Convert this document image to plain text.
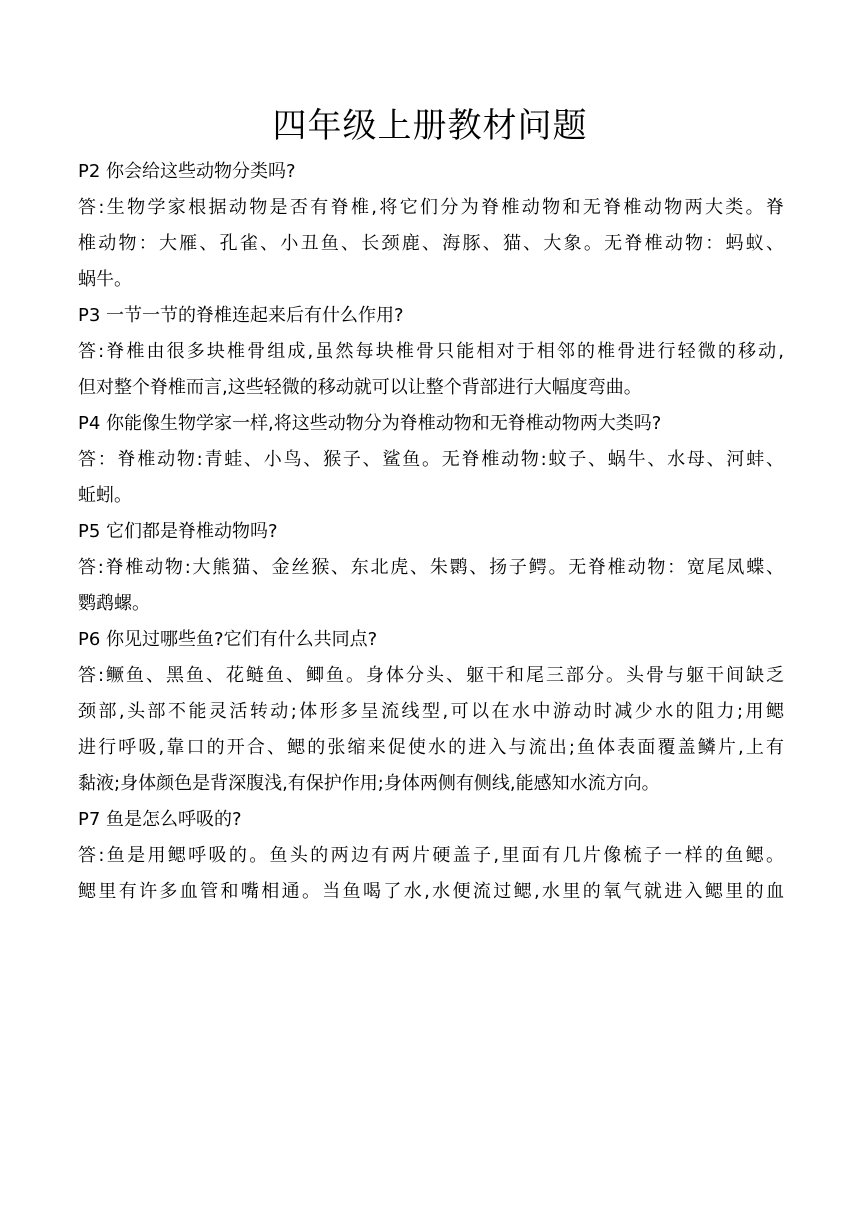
四年级上册教材问题

P2 你会给这些动物分类吗?

答:生物学家根据动物是否有脊椎,将它们分为脊椎动物和无脊椎动物两大类。脊
椎动物：大雁、孔雀、小丑鱼、长颈鹿、海豚、猫、大象。无脊椎动物：蚂蚁、
蜗牛。

P3 一节一节的脊椎连起来后有什么作用?

答:脊椎由很多块椎骨组成,虽然每块椎骨只能相对于相邻的椎骨进行轻微的移动,
但对整个脊椎而言,这些轻微的移动就可以让整个背部进行大幅度弯曲。

P4 你能像生物学家一样,将这些动物分为脊椎动物和无脊椎动物两大类吗?

答：脊椎动物:青蛙、小鸟、猴子、鲨鱼。无脊椎动物:蚊子、蜗牛、水母、河蚌、
蚯蚓。

P5 它们都是脊椎动物吗?

答:脊椎动物:大熊猫、金丝猴、东北虎、朱鹮、扬子鳄。无脊椎动物：宽尾凤蝶、
鹦鹉螺。

P6 你见过哪些鱼?它们有什么共同点?

答:鳜鱼、黑鱼、花鲢鱼、鲫鱼。身体分头、躯干和尾三部分。头骨与躯干间缺乏
颈部,头部不能灵活转动;体形多呈流线型,可以在水中游动时减少水的阻力;用鳃
进行呼吸,靠口的开合、鳃的张缩来促使水的进入与流出;鱼体表面覆盖鳞片,上有
黏液;身体颜色是背深腹浅,有保护作用;身体两侧有侧线,能感知水流方向。

P7 鱼是怎么呼吸的?

答:鱼是用鳃呼吸的。鱼头的两边有两片硬盖子,里面有几片像梳子一样的鱼鳃。
鳃里有许多血管和嘴相通。当鱼喝了水,水便流过鳃,水里的氧气就进入鳃里的血
